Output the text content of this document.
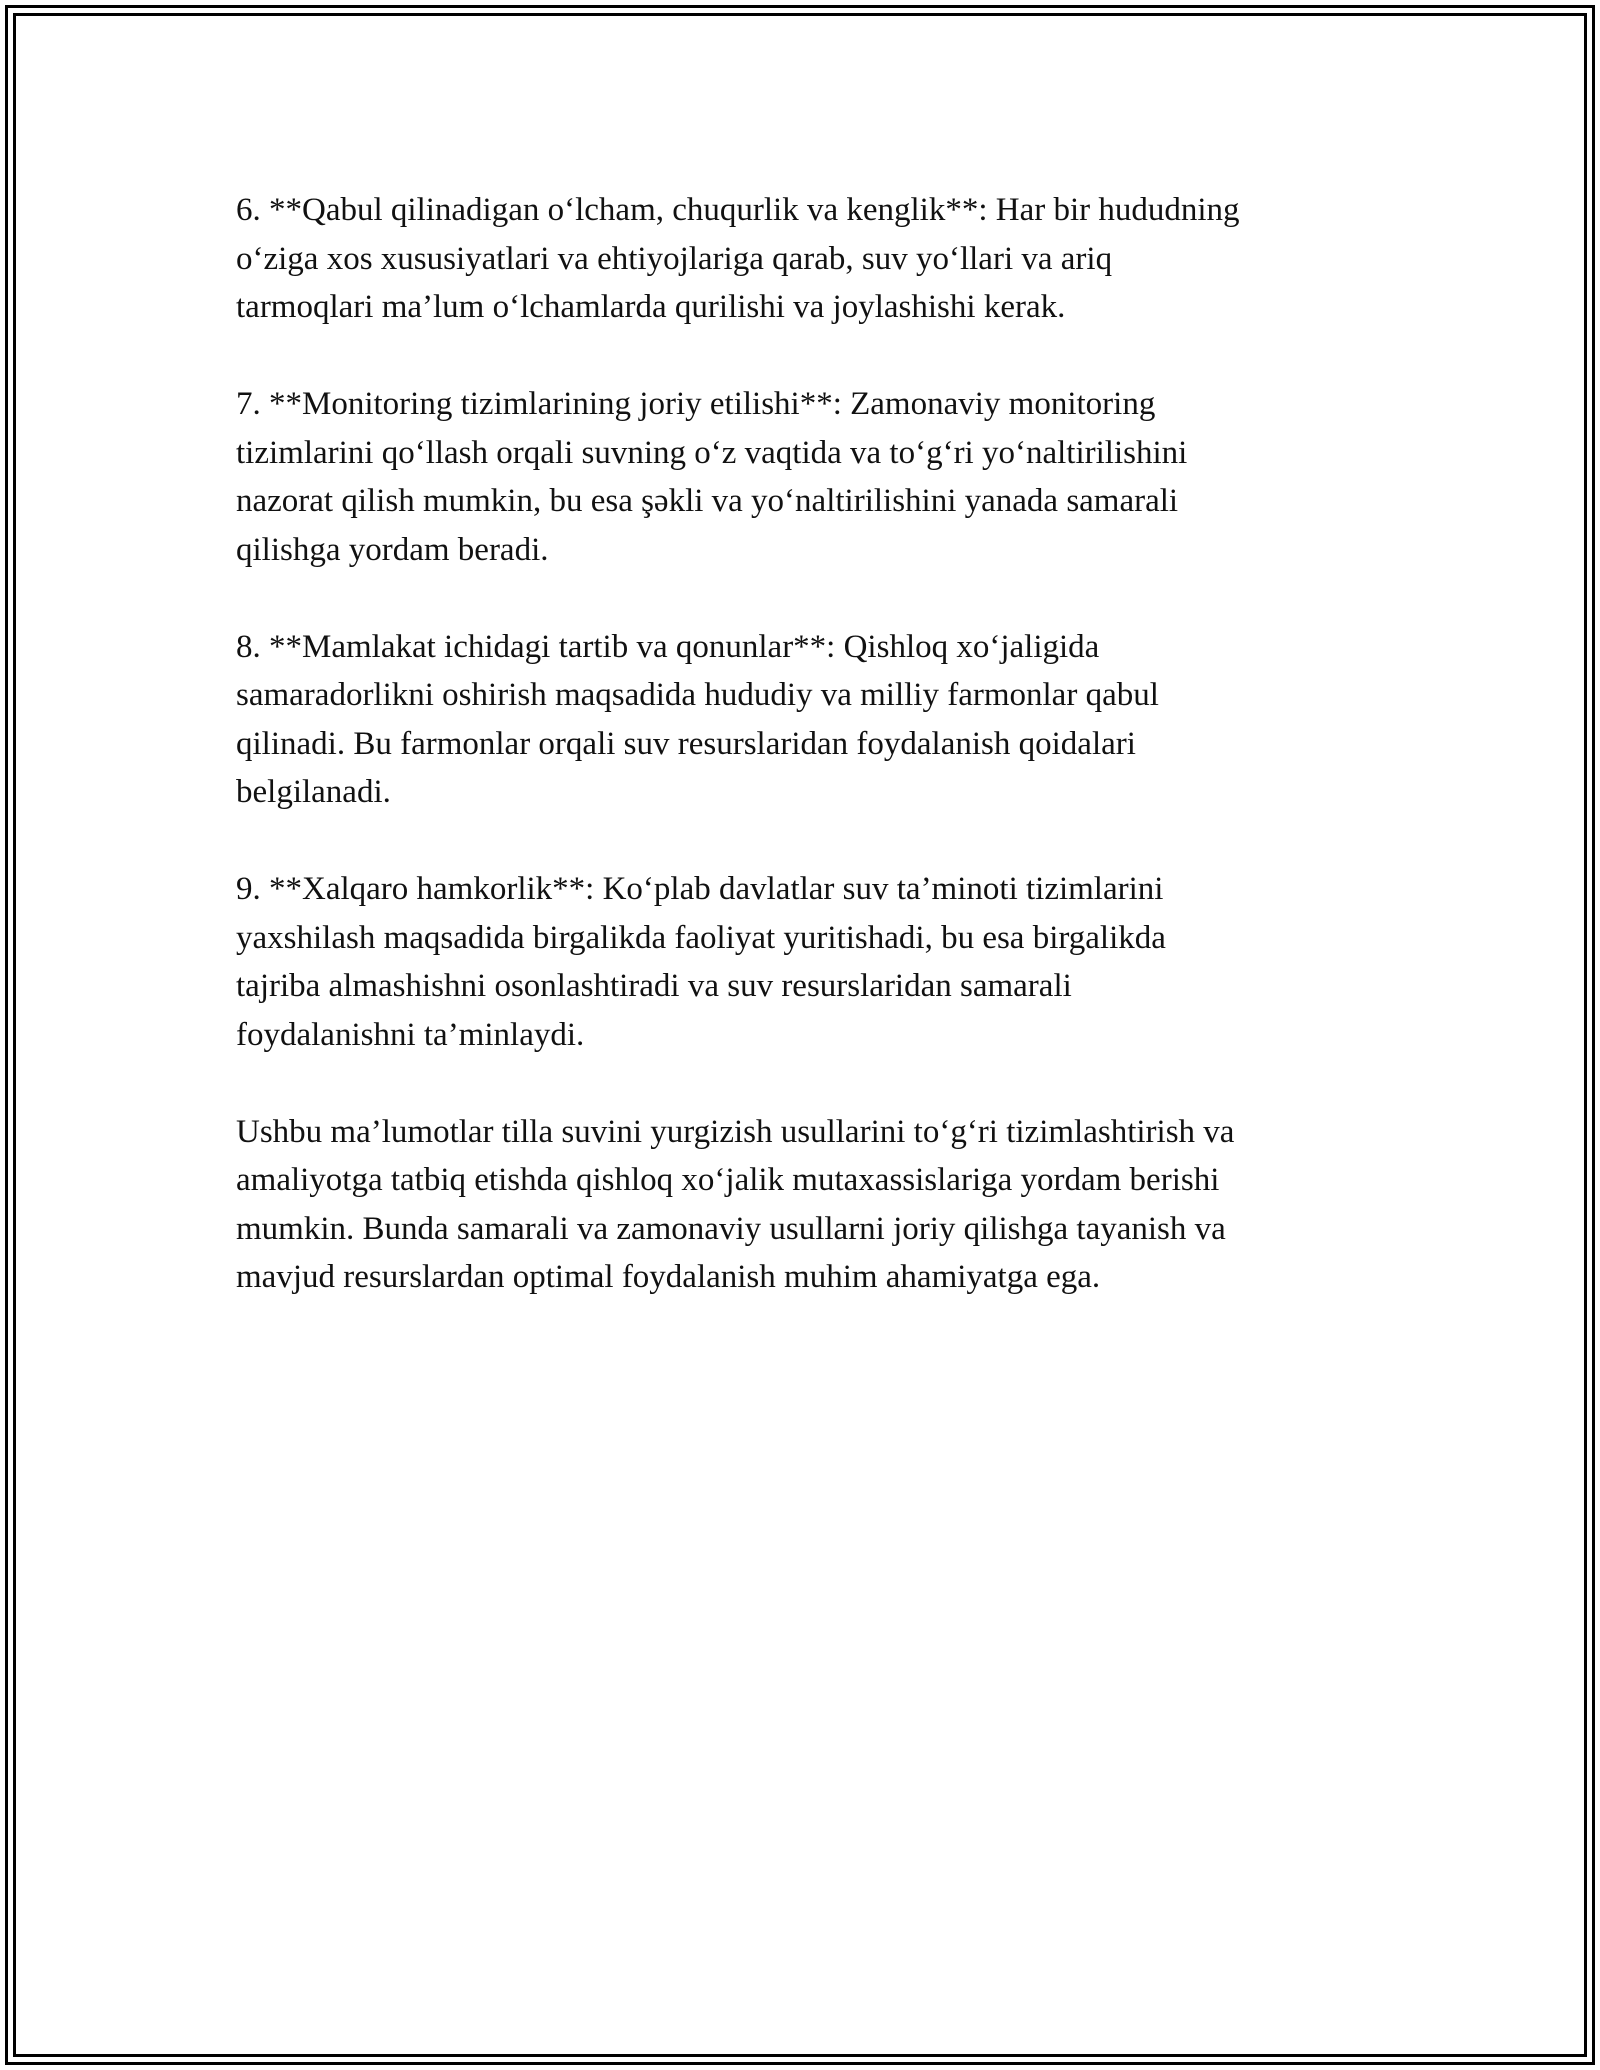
6. **Qabul qilinadigan o‘lcham, chuqurlik va kenglik**: Har bir hududning
o‘ziga xos xususiyatlari va ehtiyojlariga qarab, suv yo‘llari va ariq
tarmoqlari ma’lum o‘lchamlarda qurilishi va joylashishi kerak.

7. **Monitoring tizimlarining joriy etilishi**: Zamonaviy monitoring
tizimlarini qo‘llash orqali suvning o‘z vaqtida va to‘g‘ri yo‘naltirilishini
nazorat qilish mumkin, bu esa şəkli va yo‘naltirilishini yanada samarali
qilishga yordam beradi.

8. **Mamlakat ichidagi tartib va qonunlar**: Qishloq xo‘jaligida
samaradorlikni oshirish maqsadida hududiy va milliy farmonlar qabul
qilinadi. Bu farmonlar orqali suv resurslaridan foydalanish qoidalari
belgilanadi.

9. **Xalqaro hamkorlik**: Ko‘plab davlatlar suv ta’minoti tizimlarini
yaxshilash maqsadida birgalikda faoliyat yuritishadi, bu esa birgalikda
tajriba almashishni osonlashtiradi va suv resurslaridan samarali
foydalanishni ta’minlaydi.

Ushbu ma’lumotlar tilla suvini yurgizish usullarini to‘g‘ri tizimlashtirish va
amaliyotga tatbiq etishda qishloq xo‘jalik mutaxassislariga yordam berishi
mumkin. Bunda samarali va zamonaviy usullarni joriy qilishga tayanish va
mavjud resurslardan optimal foydalanish muhim ahamiyatga ega.
